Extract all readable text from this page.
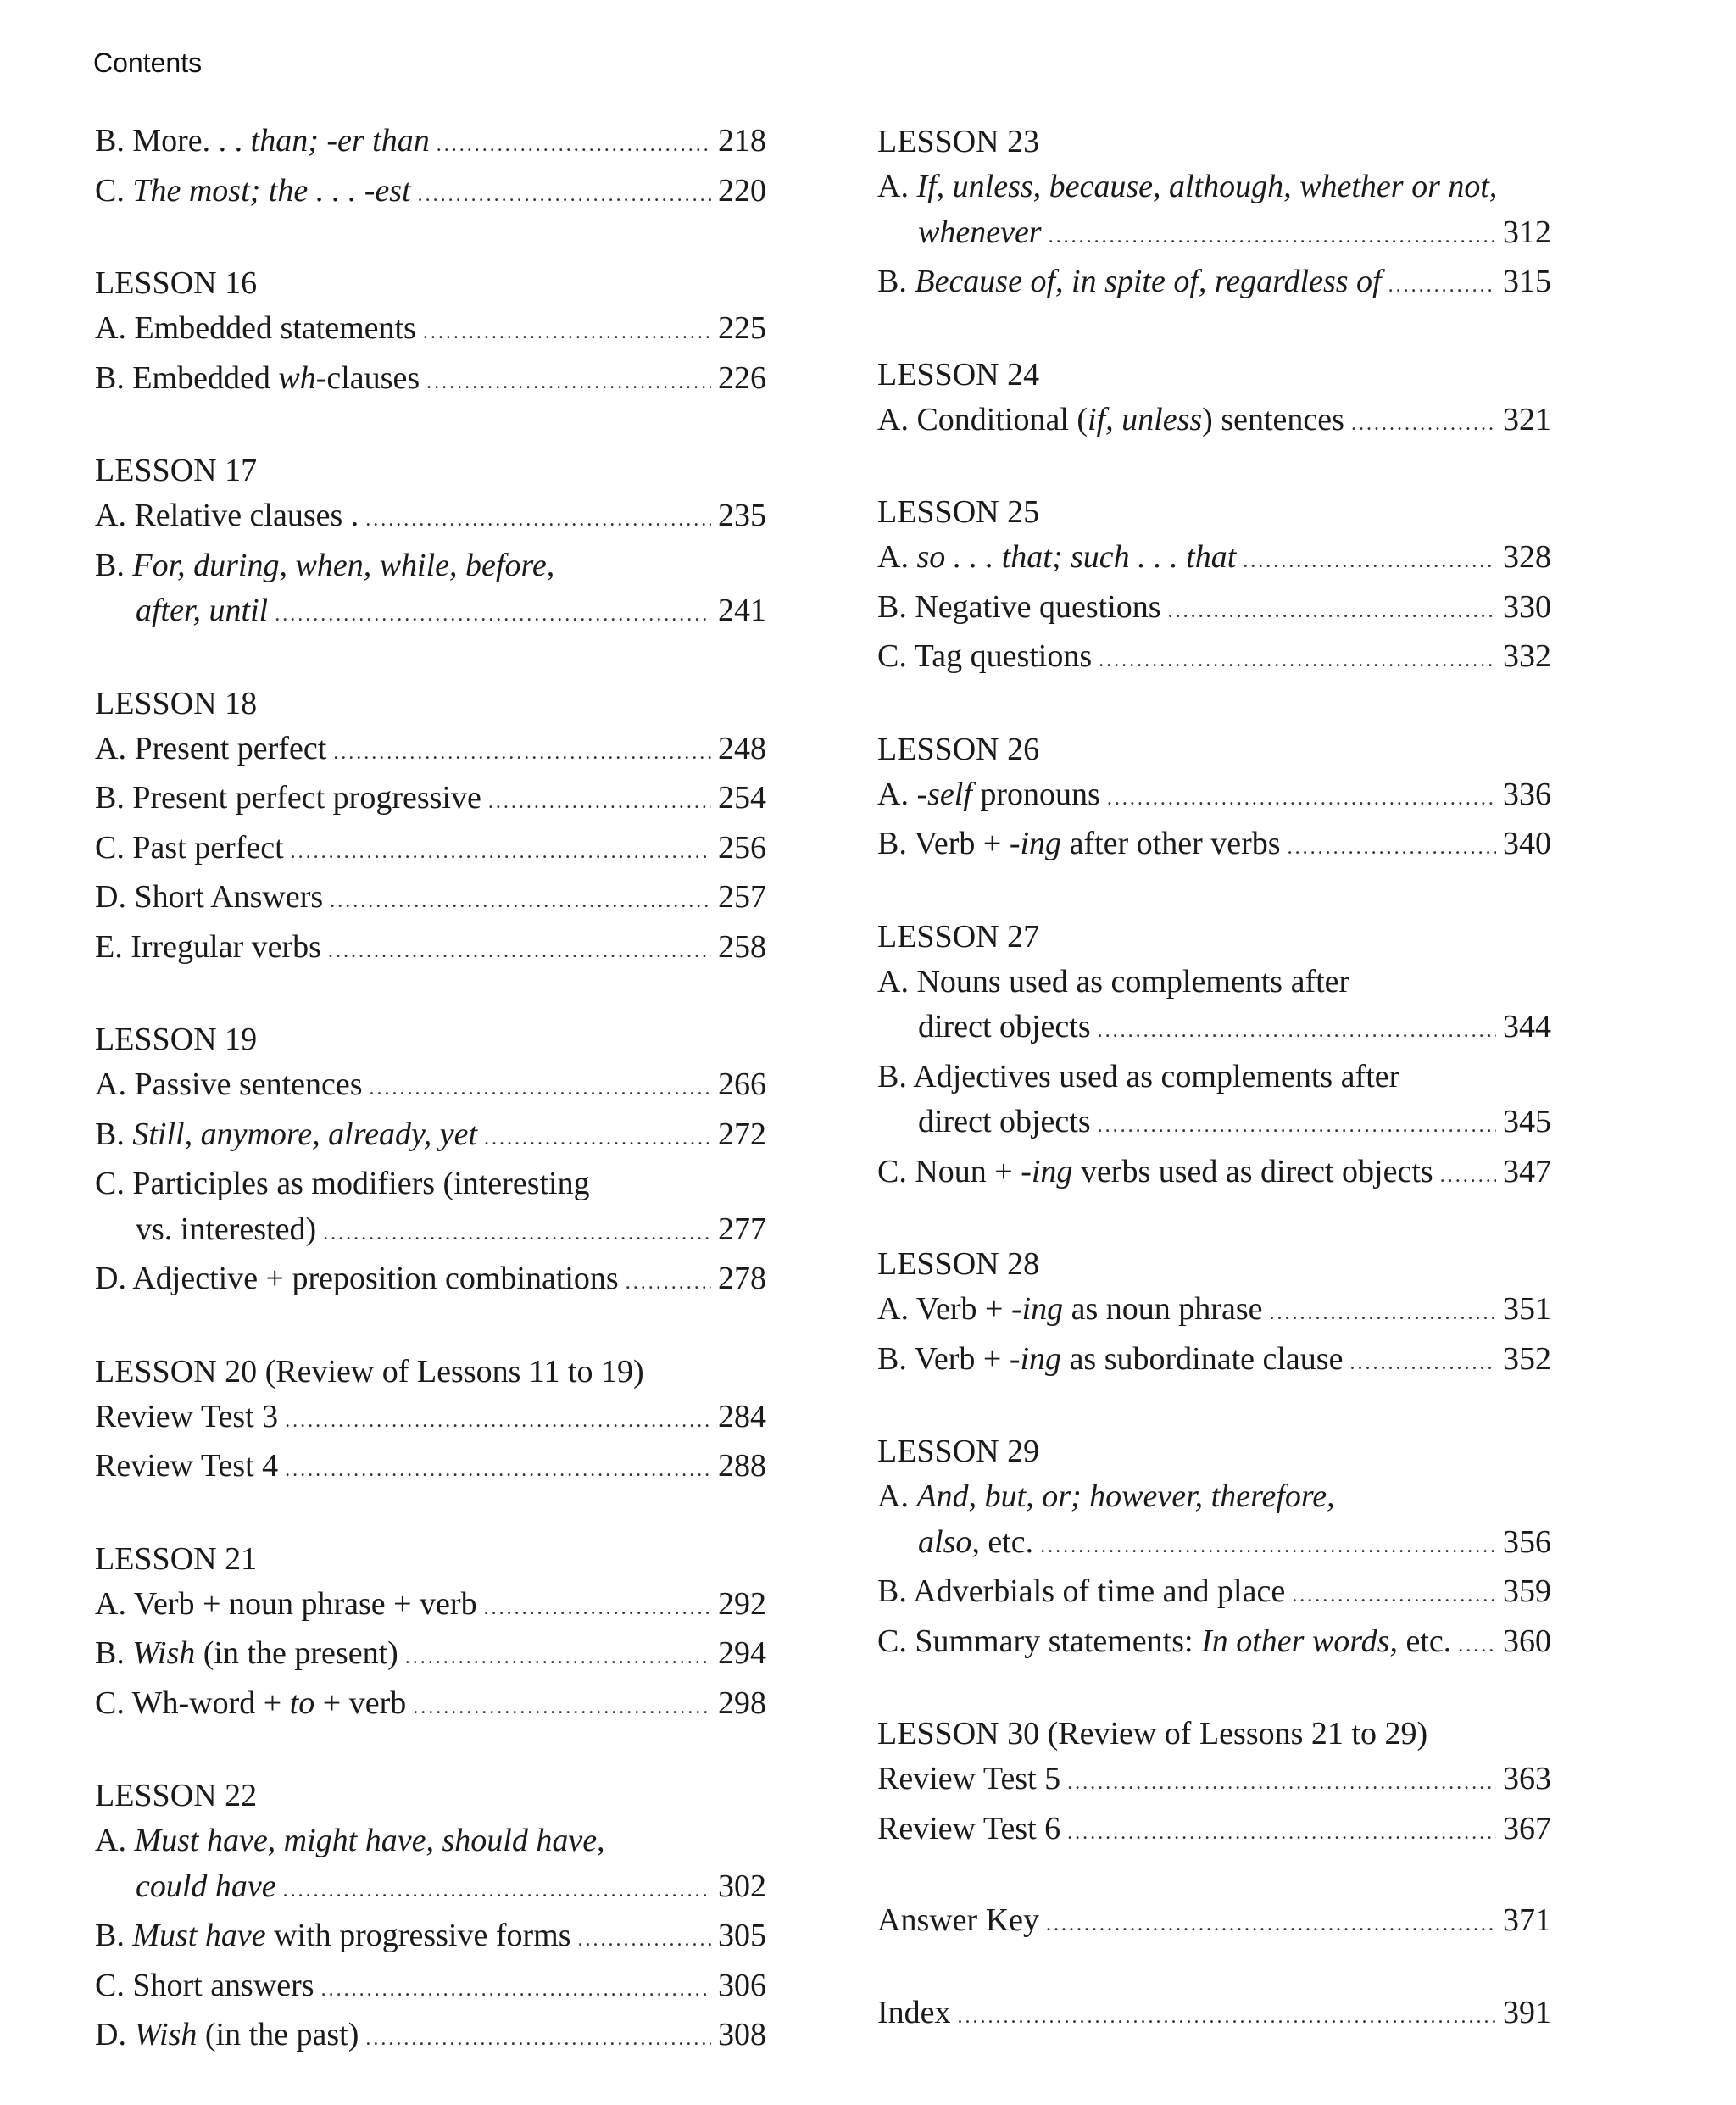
Contents
B. More. . . than; -er than .....	218
C. The most; the . . . -est .....	220
LESSON 16
A. Embedded statements .....	225
B. Embedded wh-clauses .....	226
LESSON 17
A. Relative clauses . .....	235
B. For, during, when, while, before,
after, until .....	241
LESSON 18
A. Present perfect .....	248
B. Present perfect progressive .....	254
C. Past perfect .....	256
D. Short Answers .....	257
E. Irregular verbs .....	258
LESSON 19
A. Passive sentences .....	266
B. Still, anymore, already, yet .....	272
C. Participles as modifiers (interesting
vs. interested) .....	277
D. Adjective + preposition combinations .....	278
LESSON 20 (Review of Lessons 11 to 19)
Review Test 3 .....	284
Review Test 4 .....	288
LESSON 21
A. Verb + noun phrase + verb .....	292
B. Wish (in the present) .....	294
C. Wh-word + to + verb .....	298
LESSON 22
A. Must have, might have, should have,
could have .....	302
B. Must have with progressive forms .....	305
C. Short answers .....	306
D. Wish (in the past) .....	308
LESSON 23
A. If, unless, because, although, whether or not,
whenever .....	312
B. Because of, in spite of, regardless of .....	315
LESSON 24
A. Conditional (if, unless) sentences .....	321
LESSON 25
A. so . . . that; such . . . that .....	328
B. Negative questions .....	330
C. Tag questions .....	332
LESSON 26
A. -self pronouns .....	336
B. Verb + -ing after other verbs .....	340
LESSON 27
A. Nouns used as complements after
direct objects .....	344
B. Adjectives used as complements after
direct objects .....	345
C. Noun + -ing verbs used as direct objects ..... 347
LESSON 28
A. Verb + -ing as noun phrase .....	351
B. Verb + -ing as subordinate clause .....	352
LESSON 29
A. And, but, or; however, therefore,
also, etc. .....	356
B. Adverbials of time and place .....	359
C. Summary statements: In other words, etc. ..... 360
LESSON 30 (Review of Lessons 21 to 29)
Review Test 5 .....	363
Review Test 6 .....	367
Answer Key .....	371
Index .....	391
